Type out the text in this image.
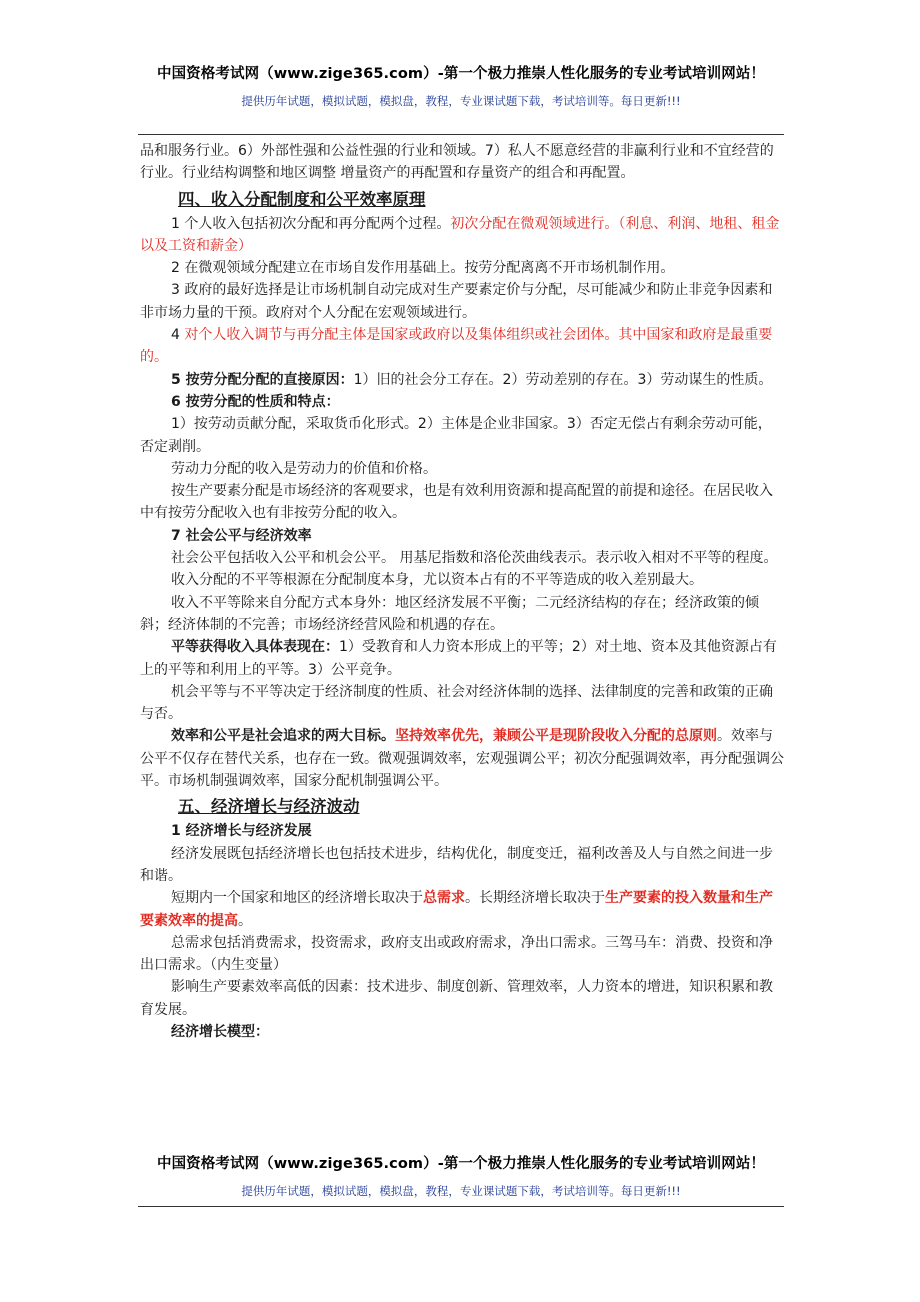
中国资格考试网（www.zige365.com）-第一个极力推崇人性化服务的专业考试培训网站！
提供历年试题，模拟试题，模拟盘，教程，专业课试题下载，考试培训等。每日更新!!!

品和服务行业。6）外部性强和公益性强的行业和领域。7）私人不愿意经营的非赢利行业和不宜经营的行业。行业结构调整和地区调整 增量资产的再配置和存量资产的组合和再配置。

四、收入分配制度和公平效率原理

1 个人收入包括初次分配和再分配两个过程。初次分配在微观领域进行。（利息、利润、地租、租金以及工资和薪金）

2 在微观领域分配建立在市场自发作用基础上。按劳分配离离不开市场机制作用。

3 政府的最好选择是让市场机制自动完成对生产要素定价与分配，尽可能减少和防止非竞争因素和非市场力量的干预。政府对个人分配在宏观领域进行。

4 对个人收入调节与再分配主体是国家或政府以及集体组织或社会团体。其中国家和政府是最重要的。

5 按劳分配分配的直接原因：1）旧的社会分工存在。2）劳动差别的存在。3）劳动谋生的性质。

6 按劳分配的性质和特点：

1）按劳动贡献分配，采取货币化形式。2）主体是企业非国家。3）否定无偿占有剩余劳动可能，否定剥削。

劳动力分配的收入是劳动力的价值和价格。

按生产要素分配是市场经济的客观要求，也是有效利用资源和提高配置的前提和途径。在居民收入中有按劳分配收入也有非按劳分配的收入。

7 社会公平与经济效率

社会公平包括收入公平和机会公平。 用基尼指数和洛伦茨曲线表示。表示收入相对不平等的程度。

收入分配的不平等根源在分配制度本身，尤以资本占有的不平等造成的收入差别最大。

收入不平等除来自分配方式本身外：地区经济发展不平衡；二元经济结构的存在；经济政策的倾斜；经济体制的不完善；市场经济经营风险和机遇的存在。

平等获得收入具体表现在：1）受教育和人力资本形成上的平等；2）对土地、资本及其他资源占有上的平等和利用上的平等。3）公平竞争。

机会平等与不平等决定于经济制度的性质、社会对经济体制的选择、法律制度的完善和政策的正确与否。

效率和公平是社会追求的两大目标。坚持效率优先，兼顾公平是现阶段收入分配的总原则。效率与公平不仅存在替代关系，也存在一致。微观强调效率，宏观强调公平；初次分配强调效率，再分配强调公平。市场机制强调效率，国家分配机制强调公平。

五、经济增长与经济波动

1 经济增长与经济发展

经济发展既包括经济增长也包括技术进步，结构优化，制度变迁，福利改善及人与自然之间进一步和谐。

短期内一个国家和地区的经济增长取决于总需求。长期经济增长取决于生产要素的投入数量和生产要素效率的提高。

总需求包括消费需求，投资需求，政府支出或政府需求，净出口需求。三驾马车：消费、投资和净出口需求。（内生变量）

影响生产要素效率高低的因素：技术进步、制度创新、管理效率，人力资本的增进，知识积累和教育发展。

经济增长模型：

中国资格考试网（www.zige365.com）-第一个极力推崇人性化服务的专业考试培训网站！
提供历年试题，模拟试题，模拟盘，教程，专业课试题下载，考试培训等。每日更新!!!
